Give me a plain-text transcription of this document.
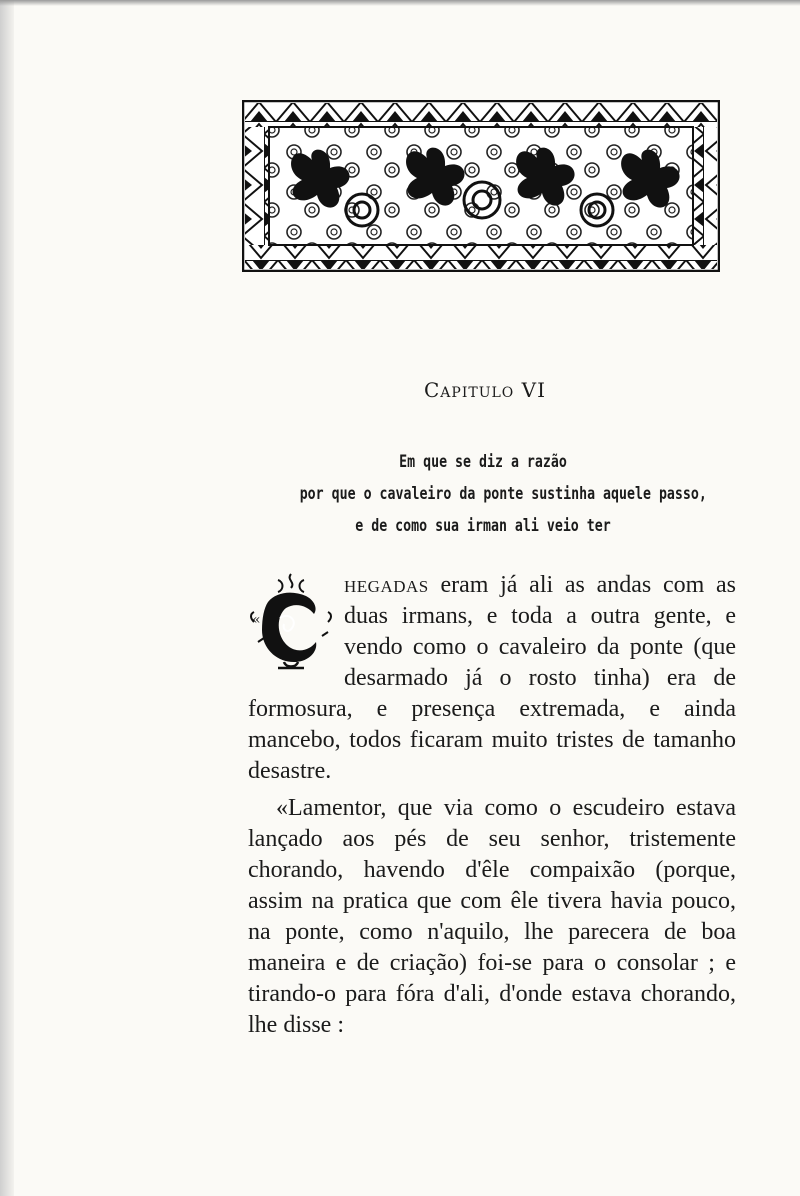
Capitulo VI
Em que se diz a razão
por que o cavaleiro da ponte sustinha aquele passo,
e de como sua irman ali veio ter

«
hegadas eram já ali as andas com as duas irmans, e toda a outra gente, e vendo como o cavaleiro da ponte (que desarmado já o rosto tinha) era de formosura, e presença extremada, e ainda mancebo, todos ficaram muito tristes de tamanho desastre.

«Lamentor, que via como o escudeiro estava lançado aos pés de seu senhor, tristemente chorando, havendo d'êle compaixão (porque, assim na pratica que com êle tivera havia pouco, na ponte, como n'aquilo, lhe parecera de boa maneira e de criação) foi-se para o consolar ; e tirando-o para fóra d'ali, d'onde estava chorando, lhe disse :
